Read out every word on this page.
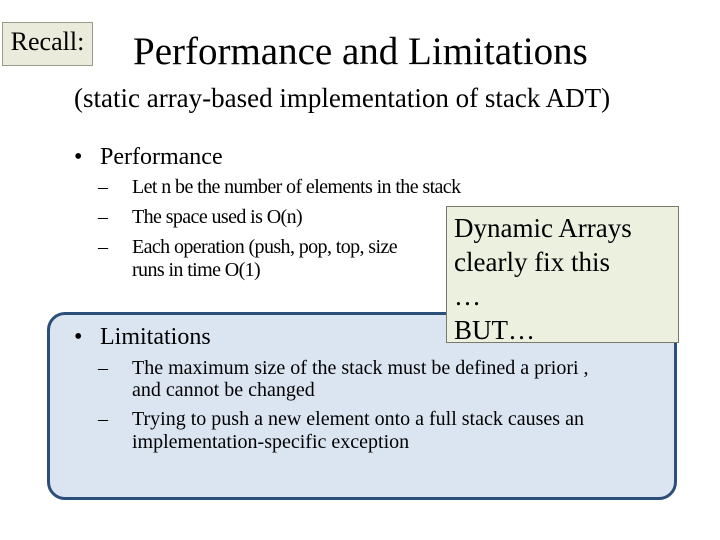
Recall: Performance and Limitations
(static array-based implementation of stack ADT)
• Performance
– Let n be the number of elements in the stack
– The space used is O(n)
– Each operation (push, pop, top, size
runs in time O(1)
• Limitations
– The maximum size of the stack must be defined a priori ,
and cannot be changed
– Trying to push a new element onto a full stack causes an
implementation-specific exception
Dynamic Arrays
clearly fix this
…
BUT…
